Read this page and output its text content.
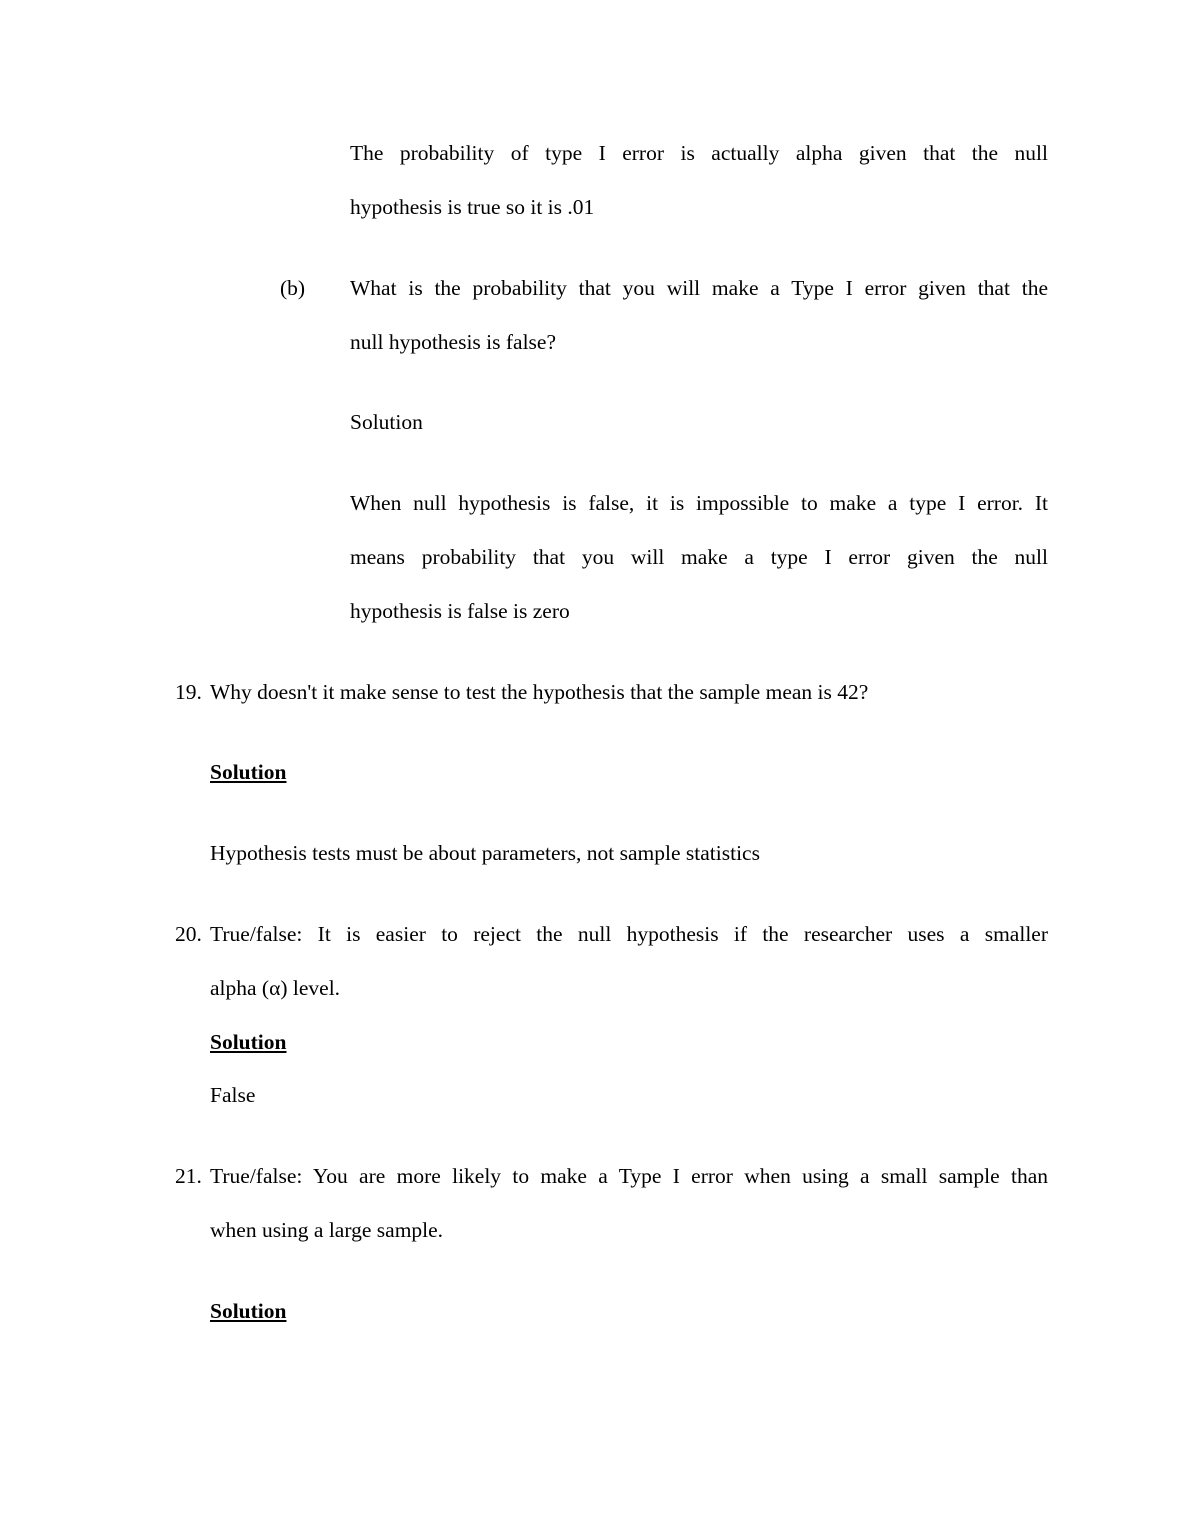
The probability of type I error is actually alpha given that the null
hypothesis is true so it is .01
(b) What is the probability that you will make a Type I error given that the
null hypothesis is false?
Solution
When null hypothesis is false, it is impossible to make a type I error. It
means probability that you will make a type I error given the null
hypothesis is false is zero
19. Why doesn't it make sense to test the hypothesis that the sample mean is 42?
Solution
Hypothesis tests must be about parameters, not sample statistics
20. True/false: It is easier to reject the null hypothesis if the researcher uses a smaller
alpha (α) level.
Solution
False
21. True/false: You are more likely to make a Type I error when using a small sample than
when using a large sample.
Solution
